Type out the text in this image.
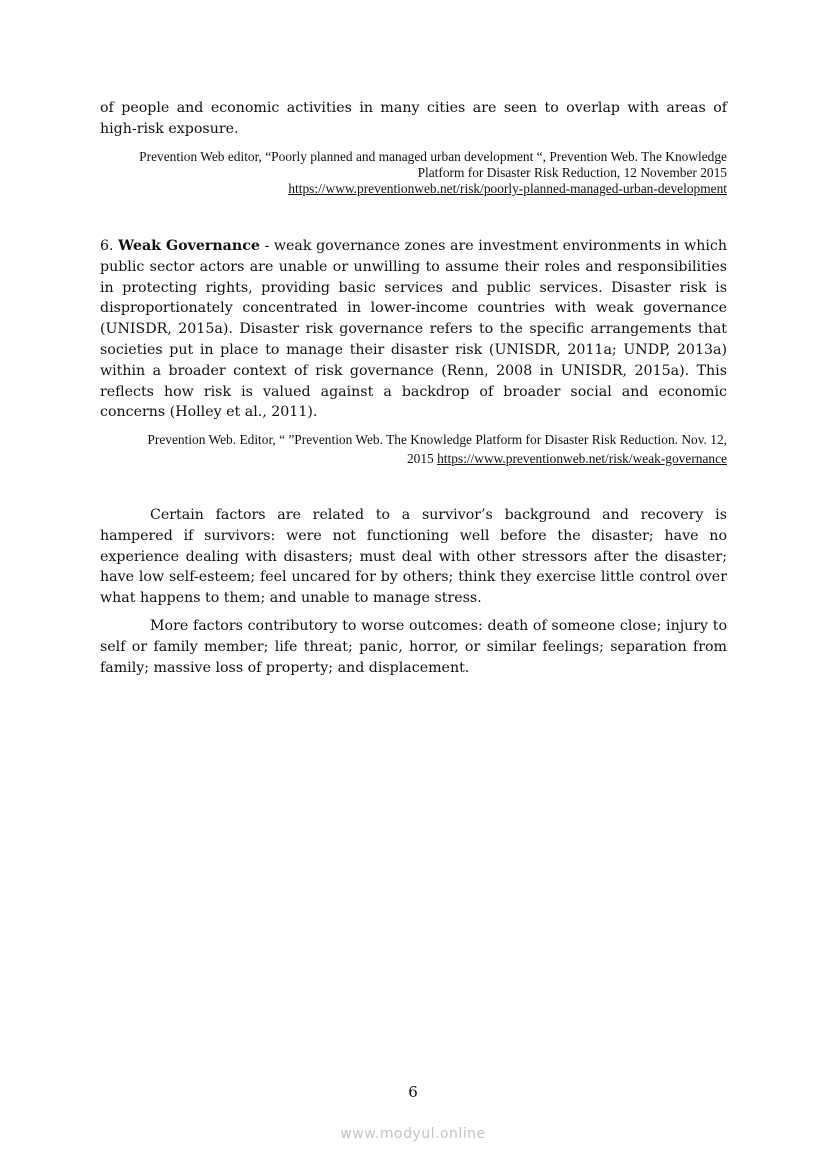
of people and economic activities in many cities are seen to overlap with areas of high-risk exposure.

Prevention Web editor, “Poorly planned and managed urban development “, Prevention Web. The Knowledge Platform for Disaster Risk Reduction, 12 November 2015
https://www.preventionweb.net/risk/poorly-planned-managed-urban-development

6. Weak Governance - weak governance zones are investment environments in which public sector actors are unable or unwilling to assume their roles and responsibilities in protecting rights, providing basic services and public services. Disaster risk is disproportionately concentrated in lower-income countries with weak governance (UNISDR, 2015a). Disaster risk governance refers to the specific arrangements that societies put in place to manage their disaster risk (UNISDR, 2011a; UNDP, 2013a) within a broader context of risk governance (Renn, 2008 in UNISDR, 2015a). This reflects how risk is valued against a backdrop of broader social and economic concerns (Holley et al., 2011).

Prevention Web. Editor, “ ”Prevention Web. The Knowledge Platform for Disaster Risk Reduction. Nov. 12, 2015 https://www.preventionweb.net/risk/weak-governance

Certain factors are related to a survivor’s background and recovery is hampered if survivors: were not functioning well before the disaster; have no experience dealing with disasters; must deal with other stressors after the disaster; have low self-esteem; feel uncared for by others; think they exercise little control over what happens to them; and unable to manage stress.

More factors contributory to worse outcomes: death of someone close; injury to self or family member; life threat; panic, horror, or similar feelings; separation from family; massive loss of property; and displacement.

6
www.modyul.online
